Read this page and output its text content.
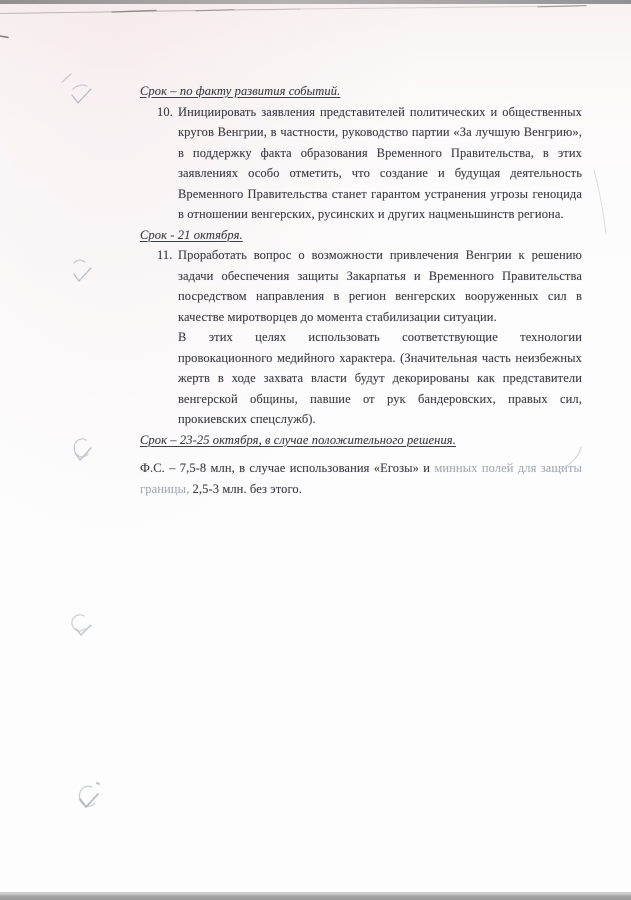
Срок – по факту развития событий.

10. Инициировать заявления представителей политических и общественных кругов Венгрии, в частности, руководство партии «За лучшую Венгрию», в поддержку факта образования Временного Правительства, в этих заявлениях особо отметить, что создание и будущая деятельность Временного Правительства станет гарантом устранения угрозы геноцида в отношении венгерских, русинских и других нацменьшинств региона.

Срок - 21 октября.

11. Проработать вопрос о возможности привлечения Венгрии к решению задачи обеспечения защиты Закарпатья и Временного Правительства посредством направления в регион венгерских вооруженных сил в качестве миротворцев до момента стабилизации ситуации.

В этих целях использовать соответствующие технологии провокационного медийного характера. (Значительная часть неизбежных жертв в ходе захвата власти будут декорированы как представители венгерской общины, павшие от рук бандеровских, правых сил, прокиевских спецслужб).

Срок – 23-25 октября, в случае положительного решения.

Ф.С. – 7,5-8 млн, в случае использования «Егозы» и минных полей для защиты границы, 2,5-3 млн. без этого.
